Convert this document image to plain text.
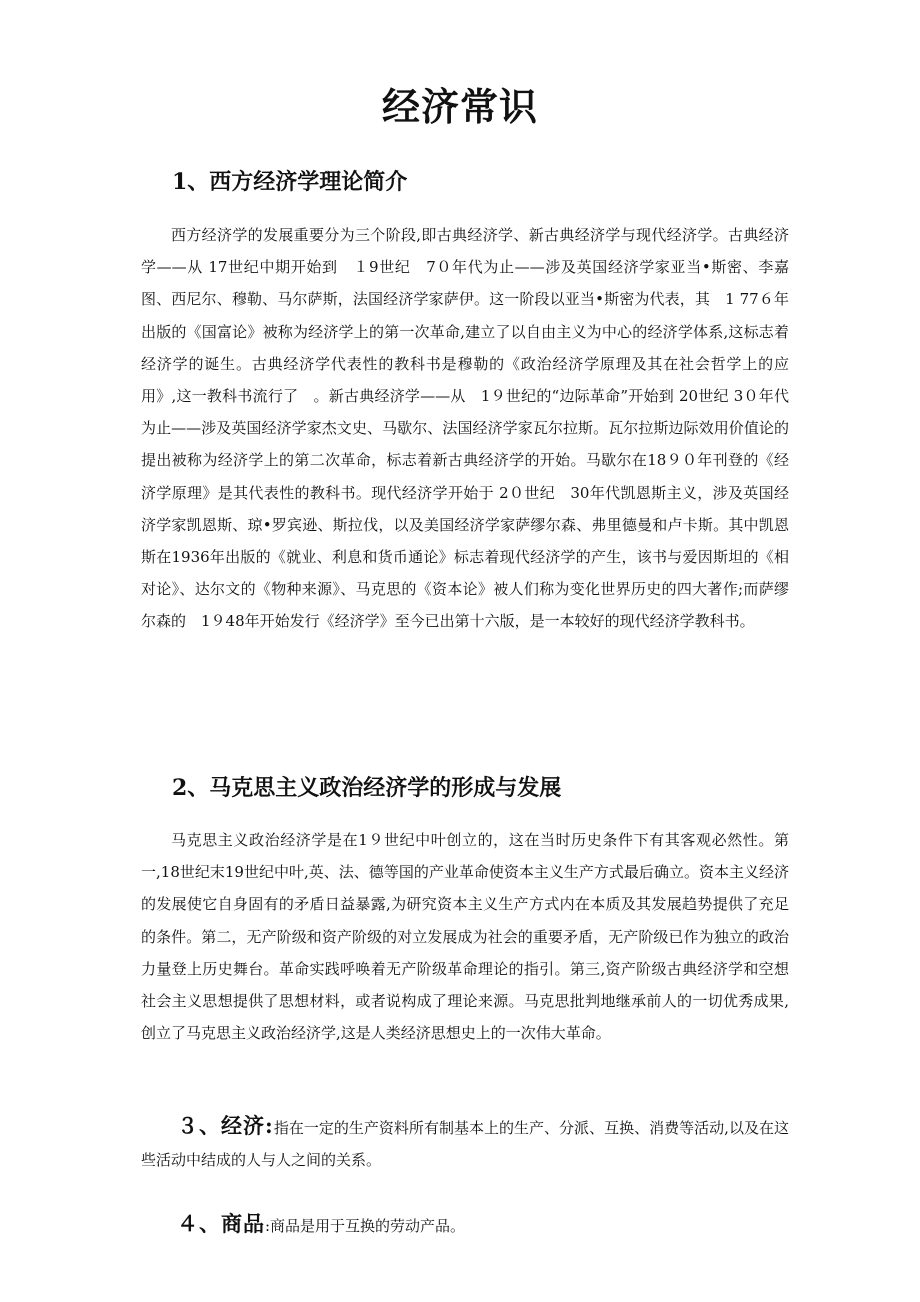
经济常识
1、西方经济学理论简介

西方经济学的发展重要分为三个阶段,即古典经济学、新古典经济学与现代经济学。古典经济学——从 17世纪中期开始到　１9世纪　7０年代为止——涉及英国经济学家亚当•斯密、李嘉图、西尼尔、穆勒、马尔萨斯，法国经济学家萨伊。这一阶段以亚当•斯密为代表，其　1 77６年出版的《国富论》被称为经济学上的第一次革命,建立了以自由主义为中心的经济学体系,这标志着经济学的诞生。古典经济学代表性的教科书是穆勒的《政治经济学原理及其在社会哲学上的应用》,这一教科书流行了　。新古典经济学——从　1９世纪的“边际革命”开始到 20世纪 3０年代为止——涉及英国经济学家杰文史、马歇尔、法国经济学家瓦尔拉斯。瓦尔拉斯边际效用价值论的提出被称为经济学上的第二次革命，标志着新古典经济学的开始。马歇尔在18９０年刊登的《经济学原理》是其代表性的教科书。现代经济学开始于 2０世纪　30年代凯恩斯主义，涉及英国经济学家凯恩斯、琼•罗宾逊、斯拉伐，以及美国经济学家萨缪尔森、弗里德曼和卢卡斯。其中凯恩斯在1936年出版的《就业、利息和货币通论》标志着现代经济学的产生，该书与爱因斯坦的《相对论》、达尔文的《物种来源》、马克思的《资本论》被人们称为变化世界历史的四大著作;而萨缪尔森的　1９48年开始发行《经济学》至今已出第十六版，是一本较好的现代经济学教科书。

2、马克思主义政治经济学的形成与发展

马克思主义政治经济学是在1９世纪中叶创立的，这在当时历史条件下有其客观必然性。第一,18世纪末19世纪中叶,英、法、德等国的产业革命使资本主义生产方式最后确立。资本主义经济的发展使它自身固有的矛盾日益暴露,为研究资本主义生产方式内在本质及其发展趋势提供了充足的条件。第二，无产阶级和资产阶级的对立发展成为社会的重要矛盾，无产阶级已作为独立的政治力量登上历史舞台。革命实践呼唤着无产阶级革命理论的指引。第三,资产阶级古典经济学和空想社会主义思想提供了思想材料，或者说构成了理论来源。马克思批判地继承前人的一切优秀成果,创立了马克思主义政治经济学,这是人类经济思想史上的一次伟大革命。

３、经济:指在一定的生产资料所有制基本上的生产、分派、互换、消费等活动,以及在这些活动中结成的人与人之间的关系。

４、商品:商品是用于互换的劳动产品。
